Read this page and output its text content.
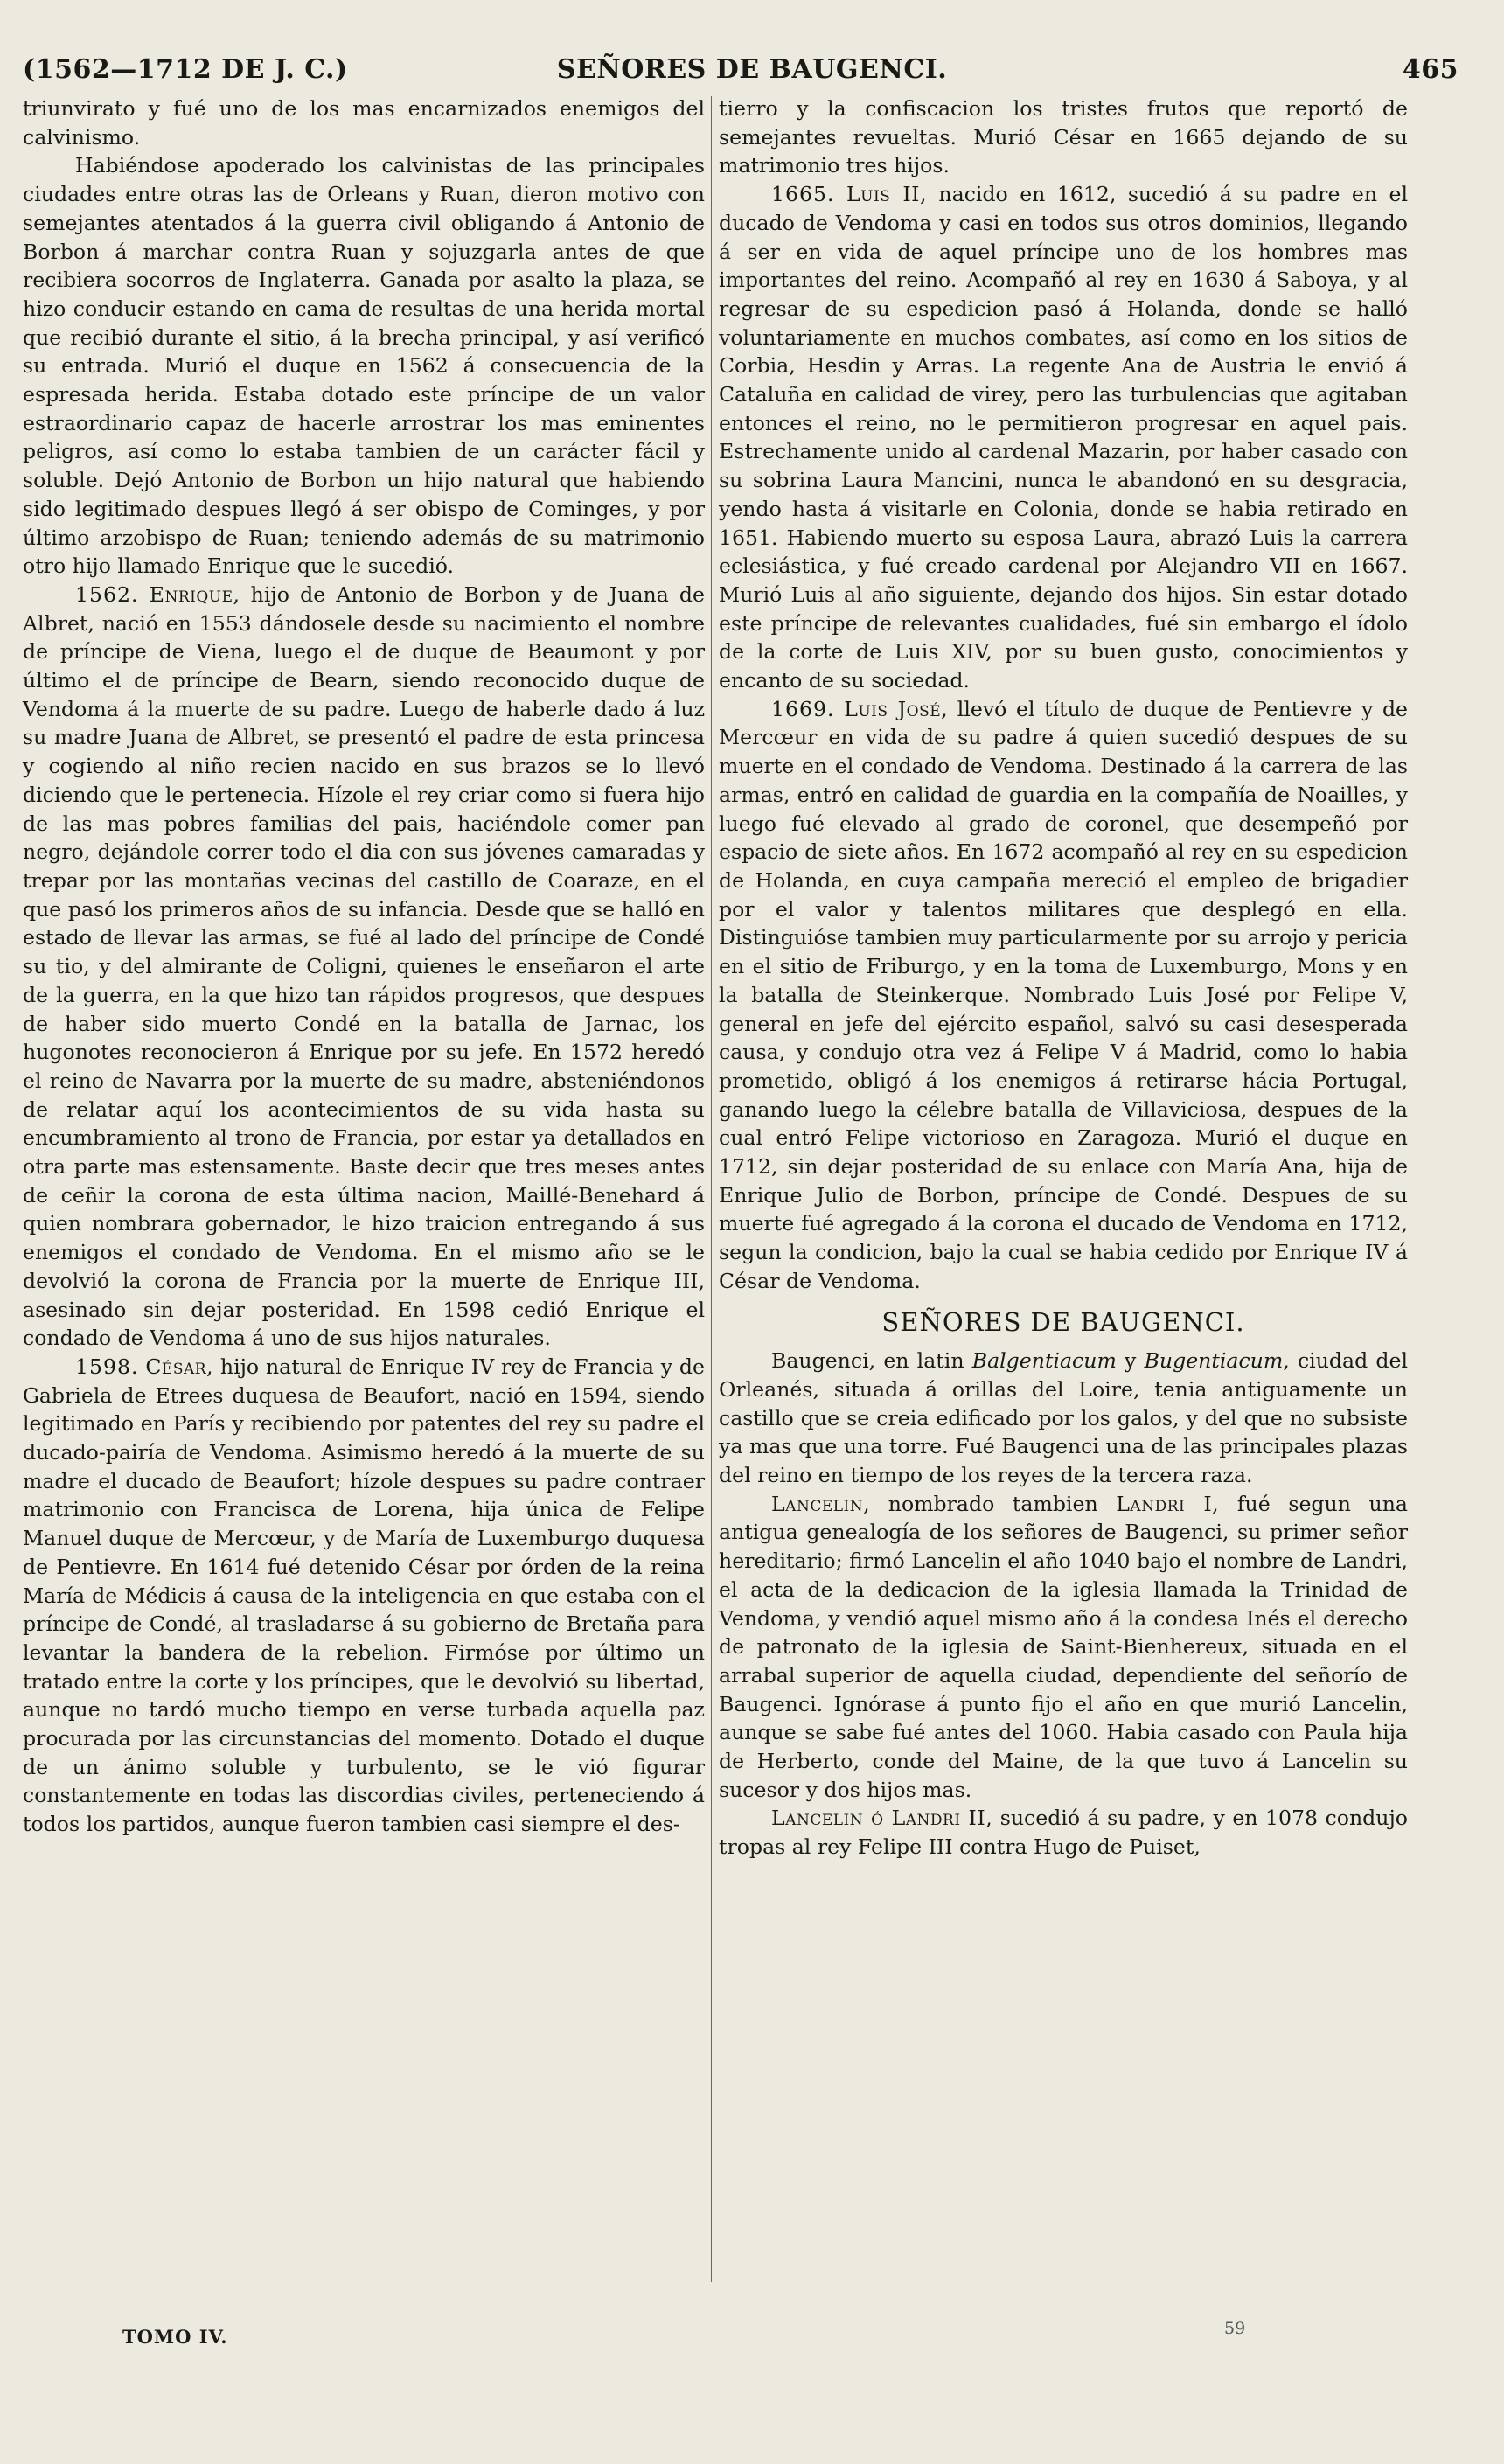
(1562—1712 DE J. C.)	SEÑORES DE BAUGENCI.	465

triunvirato y fué uno de los mas encarnizados enemigos del calvinismo.

Habiéndose apoderado los calvinistas de las principales ciudades entre otras las de Orleans y Ruan, dieron motivo con semejantes atentados á la guerra civil obligando á Antonio de Borbon á marchar contra Ruan y sojuzgarla antes de que recibiera socorros de Inglaterra. Ganada por asalto la plaza, se hizo conducir estando en cama de resultas de una herida mortal que recibió durante el sitio, á la brecha principal, y así verificó su entrada. Murió el duque en 1562 á consecuencia de la espresada herida. Estaba dotado este príncipe de un valor estraordinario capaz de hacerle arrostrar los mas eminentes peligros, así como lo estaba tambien de un carácter fácil y soluble. Dejó Antonio de Borbon un hijo natural que habiendo sido legitimado despues llegó á ser obispo de Cominges, y por último arzobispo de Ruan; teniendo además de su matrimonio otro hijo llamado Enrique que le sucedió.

1562. Enrique, hijo de Antonio de Borbon y de Juana de Albret, nació en 1553 dándosele desde su nacimiento el nombre de príncipe de Viena, luego el de duque de Beaumont y por último el de príncipe de Bearn, siendo reconocido duque de Vendoma á la muerte de su padre. Luego de haberle dado á luz su madre Juana de Albret, se presentó el padre de esta princesa y cogiendo al niño recien nacido en sus brazos se lo llevó diciendo que le pertenecia. Hízole el rey criar como si fuera hijo de las mas pobres familias del pais, haciéndole comer pan negro, dejándole correr todo el dia con sus jóvenes camaradas y trepar por las montañas vecinas del castillo de Coaraze, en el que pasó los primeros años de su infancia. Desde que se halló en estado de llevar las armas, se fué al lado del príncipe de Condé su tio, y del almirante de Coligni, quienes le enseñaron el arte de la guerra, en la que hizo tan rápidos progresos, que despues de haber sido muerto Condé en la batalla de Jarnac, los hugonotes reconocieron á Enrique por su jefe. En 1572 heredó el reino de Navarra por la muerte de su madre, absteniéndonos de relatar aquí los acontecimientos de su vida hasta su encumbramiento al trono de Francia, por estar ya detallados en otra parte mas estensamente. Baste decir que tres meses antes de ceñir la corona de esta última nacion, Maillé-Benehard á quien nombrara gobernador, le hizo traicion entregando á sus enemigos el condado de Vendoma. En el mismo año se le devolvió la corona de Francia por la muerte de Enrique III, asesinado sin dejar posteridad. En 1598 cedió Enrique el condado de Vendoma á uno de sus hijos naturales.

1598. César, hijo natural de Enrique IV rey de Francia y de Gabriela de Etrees duquesa de Beaufort, nació en 1594, siendo legitimado en París y recibiendo por patentes del rey su padre el ducado-pairía de Vendoma. Asimismo heredó á la muerte de su madre el ducado de Beaufort; hízole despues su padre contraer matrimonio con Francisca de Lorena, hija única de Felipe Manuel duque de Mercœur, y de María de Luxemburgo duquesa de Pentievre. En 1614 fué detenido César por órden de la reina María de Médicis á causa de la inteligencia en que estaba con el príncipe de Condé, al trasladarse á su gobierno de Bretaña para levantar la bandera de la rebelion. Firmóse por último un tratado entre la corte y los príncipes, que le devolvió su libertad, aunque no tardó mucho tiempo en verse turbada aquella paz procurada por las circunstancias del momento. Dotado el duque de un ánimo soluble y turbulento, se le vió figurar constantemente en todas las discordias civiles, perteneciendo á todos los partidos, aunque fueron tambien casi siempre el des-

tierro y la confiscacion los tristes frutos que reportó de semejantes revueltas. Murió César en 1665 dejando de su matrimonio tres hijos.

1665. Luis II, nacido en 1612, sucedió á su padre en el ducado de Vendoma y casi en todos sus otros dominios, llegando á ser en vida de aquel príncipe uno de los hombres mas importantes del reino. Acompañó al rey en 1630 á Saboya, y al regresar de su espedicion pasó á Holanda, donde se halló voluntariamente en muchos combates, así como en los sitios de Corbia, Hesdin y Arras. La regente Ana de Austria le envió á Cataluña en calidad de virey, pero las turbulencias que agitaban entonces el reino, no le permitieron progresar en aquel pais. Estrechamente unido al cardenal Mazarin, por haber casado con su sobrina Laura Mancini, nunca le abandonó en su desgracia, yendo hasta á visitarle en Colonia, donde se habia retirado en 1651. Habiendo muerto su esposa Laura, abrazó Luis la carrera eclesiástica, y fué creado cardenal por Alejandro VII en 1667. Murió Luis al año siguiente, dejando dos hijos. Sin estar dotado este príncipe de relevantes cualidades, fué sin embargo el ídolo de la corte de Luis XIV, por su buen gusto, conocimientos y encanto de su sociedad.

1669. Luis José, llevó el título de duque de Pentievre y de Mercœur en vida de su padre á quien sucedió despues de su muerte en el condado de Vendoma. Destinado á la carrera de las armas, entró en calidad de guardia en la compañía de Noailles, y luego fué elevado al grado de coronel, que desempeñó por espacio de siete años. En 1672 acompañó al rey en su espedicion de Holanda, en cuya campaña mereció el empleo de brigadier por el valor y talentos militares que desplegó en ella. Distinguióse tambien muy particularmente por su arrojo y pericia en el sitio de Friburgo, y en la toma de Luxemburgo, Mons y en la batalla de Steinkerque. Nombrado Luis José por Felipe V, general en jefe del ejército español, salvó su casi desesperada causa, y condujo otra vez á Felipe V á Madrid, como lo habia prometido, obligó á los enemigos á retirarse hácia Portugal, ganando luego la célebre batalla de Villaviciosa, despues de la cual entró Felipe victorioso en Zaragoza. Murió el duque en 1712, sin dejar posteridad de su enlace con María Ana, hija de Enrique Julio de Borbon, príncipe de Condé. Despues de su muerte fué agregado á la corona el ducado de Vendoma en 1712, segun la condicion, bajo la cual se habia cedido por Enrique IV á César de Vendoma.

SEÑORES DE BAUGENCI.

Baugenci, en latin Balgentiacum y Bugentiacum, ciudad del Orleanés, situada á orillas del Loire, tenia antiguamente un castillo que se creia edificado por los galos, y del que no subsiste ya mas que una torre. Fué Baugenci una de las principales plazas del reino en tiempo de los reyes de la tercera raza.

Lancelin, nombrado tambien Landri I, fué segun una antigua genealogía de los señores de Baugenci, su primer señor hereditario; firmó Lancelin el año 1040 bajo el nombre de Landri, el acta de la dedicacion de la iglesia llamada la Trinidad de Vendoma, y vendió aquel mismo año á la condesa Inés el derecho de patronato de la iglesia de Saint-Bienhereux, situada en el arrabal superior de aquella ciudad, dependiente del señorío de Baugenci. Ignórase á punto fijo el año en que murió Lancelin, aunque se sabe fué antes del 1060. Habia casado con Paula hija de Herberto, conde del Maine, de la que tuvo á Lancelin su sucesor y dos hijos mas.

Lancelin ó Landri II, sucedió á su padre, y en 1078 condujo tropas al rey Felipe III contra Hugo de Puiset,

TOMO IV.	59
